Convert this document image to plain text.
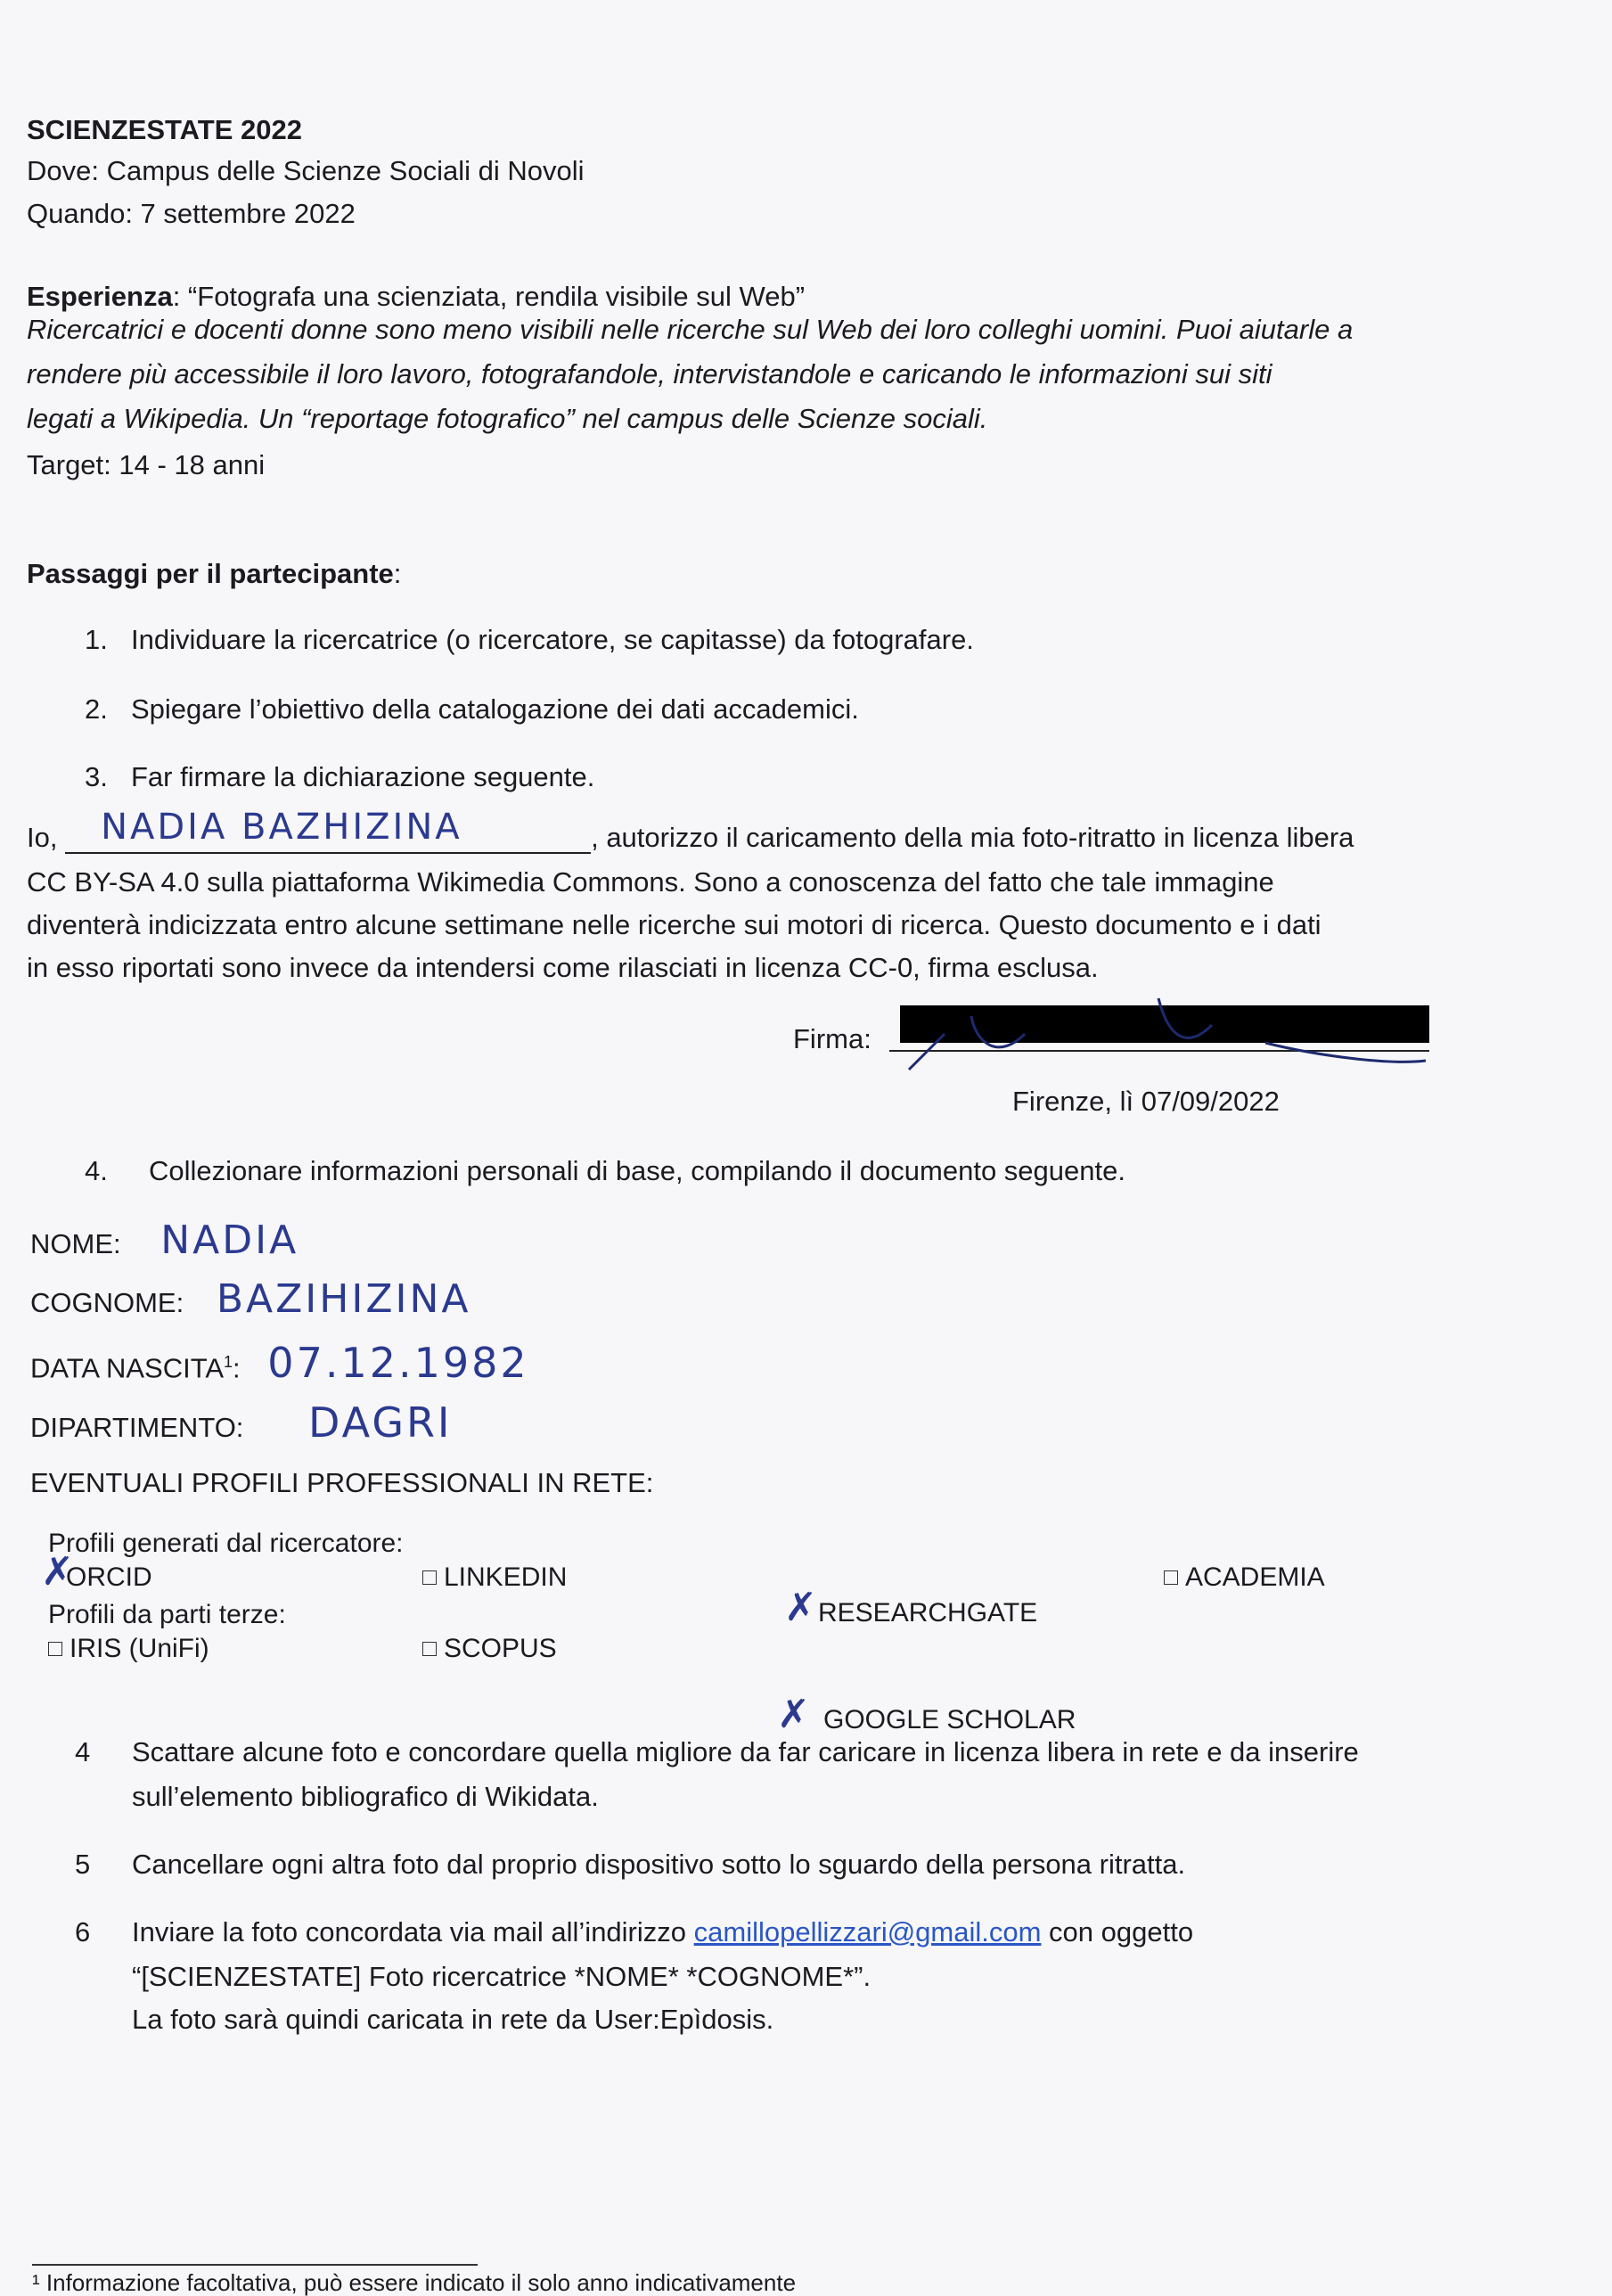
SCIENZESTATE 2022
Dove: Campus delle Scienze Sociali di Novoli
Quando: 7 settembre 2022
Esperienza: “Fotografa una scienziata, rendila visibile sul Web”
Ricercatrici e docenti donne sono meno visibili nelle ricerche sul Web dei loro colleghi uomini. Puoi aiutarle a
rendere più accessibile il loro lavoro, fotografandole, intervistandole e caricando le informazioni sui siti
legati a Wikipedia. Un “reportage fotografico” nel campus delle Scienze sociali.
Target: 14 - 18 anni
Passaggi per il partecipante:
1. Individuare la ricercatrice (o ricercatore, se capitasse) da fotografare.
2. Spiegare l’obiettivo della catalogazione dei dati accademici.
3. Far firmare la dichiarazione seguente.
Io, NADIA BAZHIZINA	, autorizzo il caricamento della mia foto-ritratto in licenza libera
CC BY-SA 4.0 sulla piattaforma Wikimedia Commons. Sono a conoscenza del fatto che tale immagine
diventerà indicizzata entro alcune settimane nelle ricerche sui motori di ricerca. Questo documento e i dati
in esso riportati sono invece da intendersi come rilasciati in licenza CC-0, firma esclusa.
Firma:
Firenze, lì 07/09/2022
4. Collezionare informazioni personali di base, compilando il documento seguente.
NOME: NADIA
COGNOME: BAZIHIZINA
DATA NASCITA$^1$: 07.12.1982
DIPARTIMENTO: DAGRI
EVENTUALI PROFILI PROFESSIONALI IN RETE:
Profili generati dal ricercatore:
✗
ORCID	LINKEDIN
✗ RESEARCHGATE
ACADEMIA
Profili da parti terze:
IRIS (UniFi)	SCOPUS
✗ GOOGLE SCHOLAR
4 Scattare alcune foto e concordare quella migliore da far caricare in licenza libera in rete e da inserire
sull’elemento bibliografico di Wikidata.
5 Cancellare ogni altra foto dal proprio dispositivo sotto lo sguardo della persona ritratta.
6 Inviare la foto concordata via mail all’indirizzo camillopellizzari@gmail.com con oggetto
“[SCIENZESTATE] Foto ricercatrice *NOME* *COGNOME*”.
La foto sarà quindi caricata in rete da User:Epìdosis.
¹ Informazione facoltativa, può essere indicato il solo anno indicativamente
